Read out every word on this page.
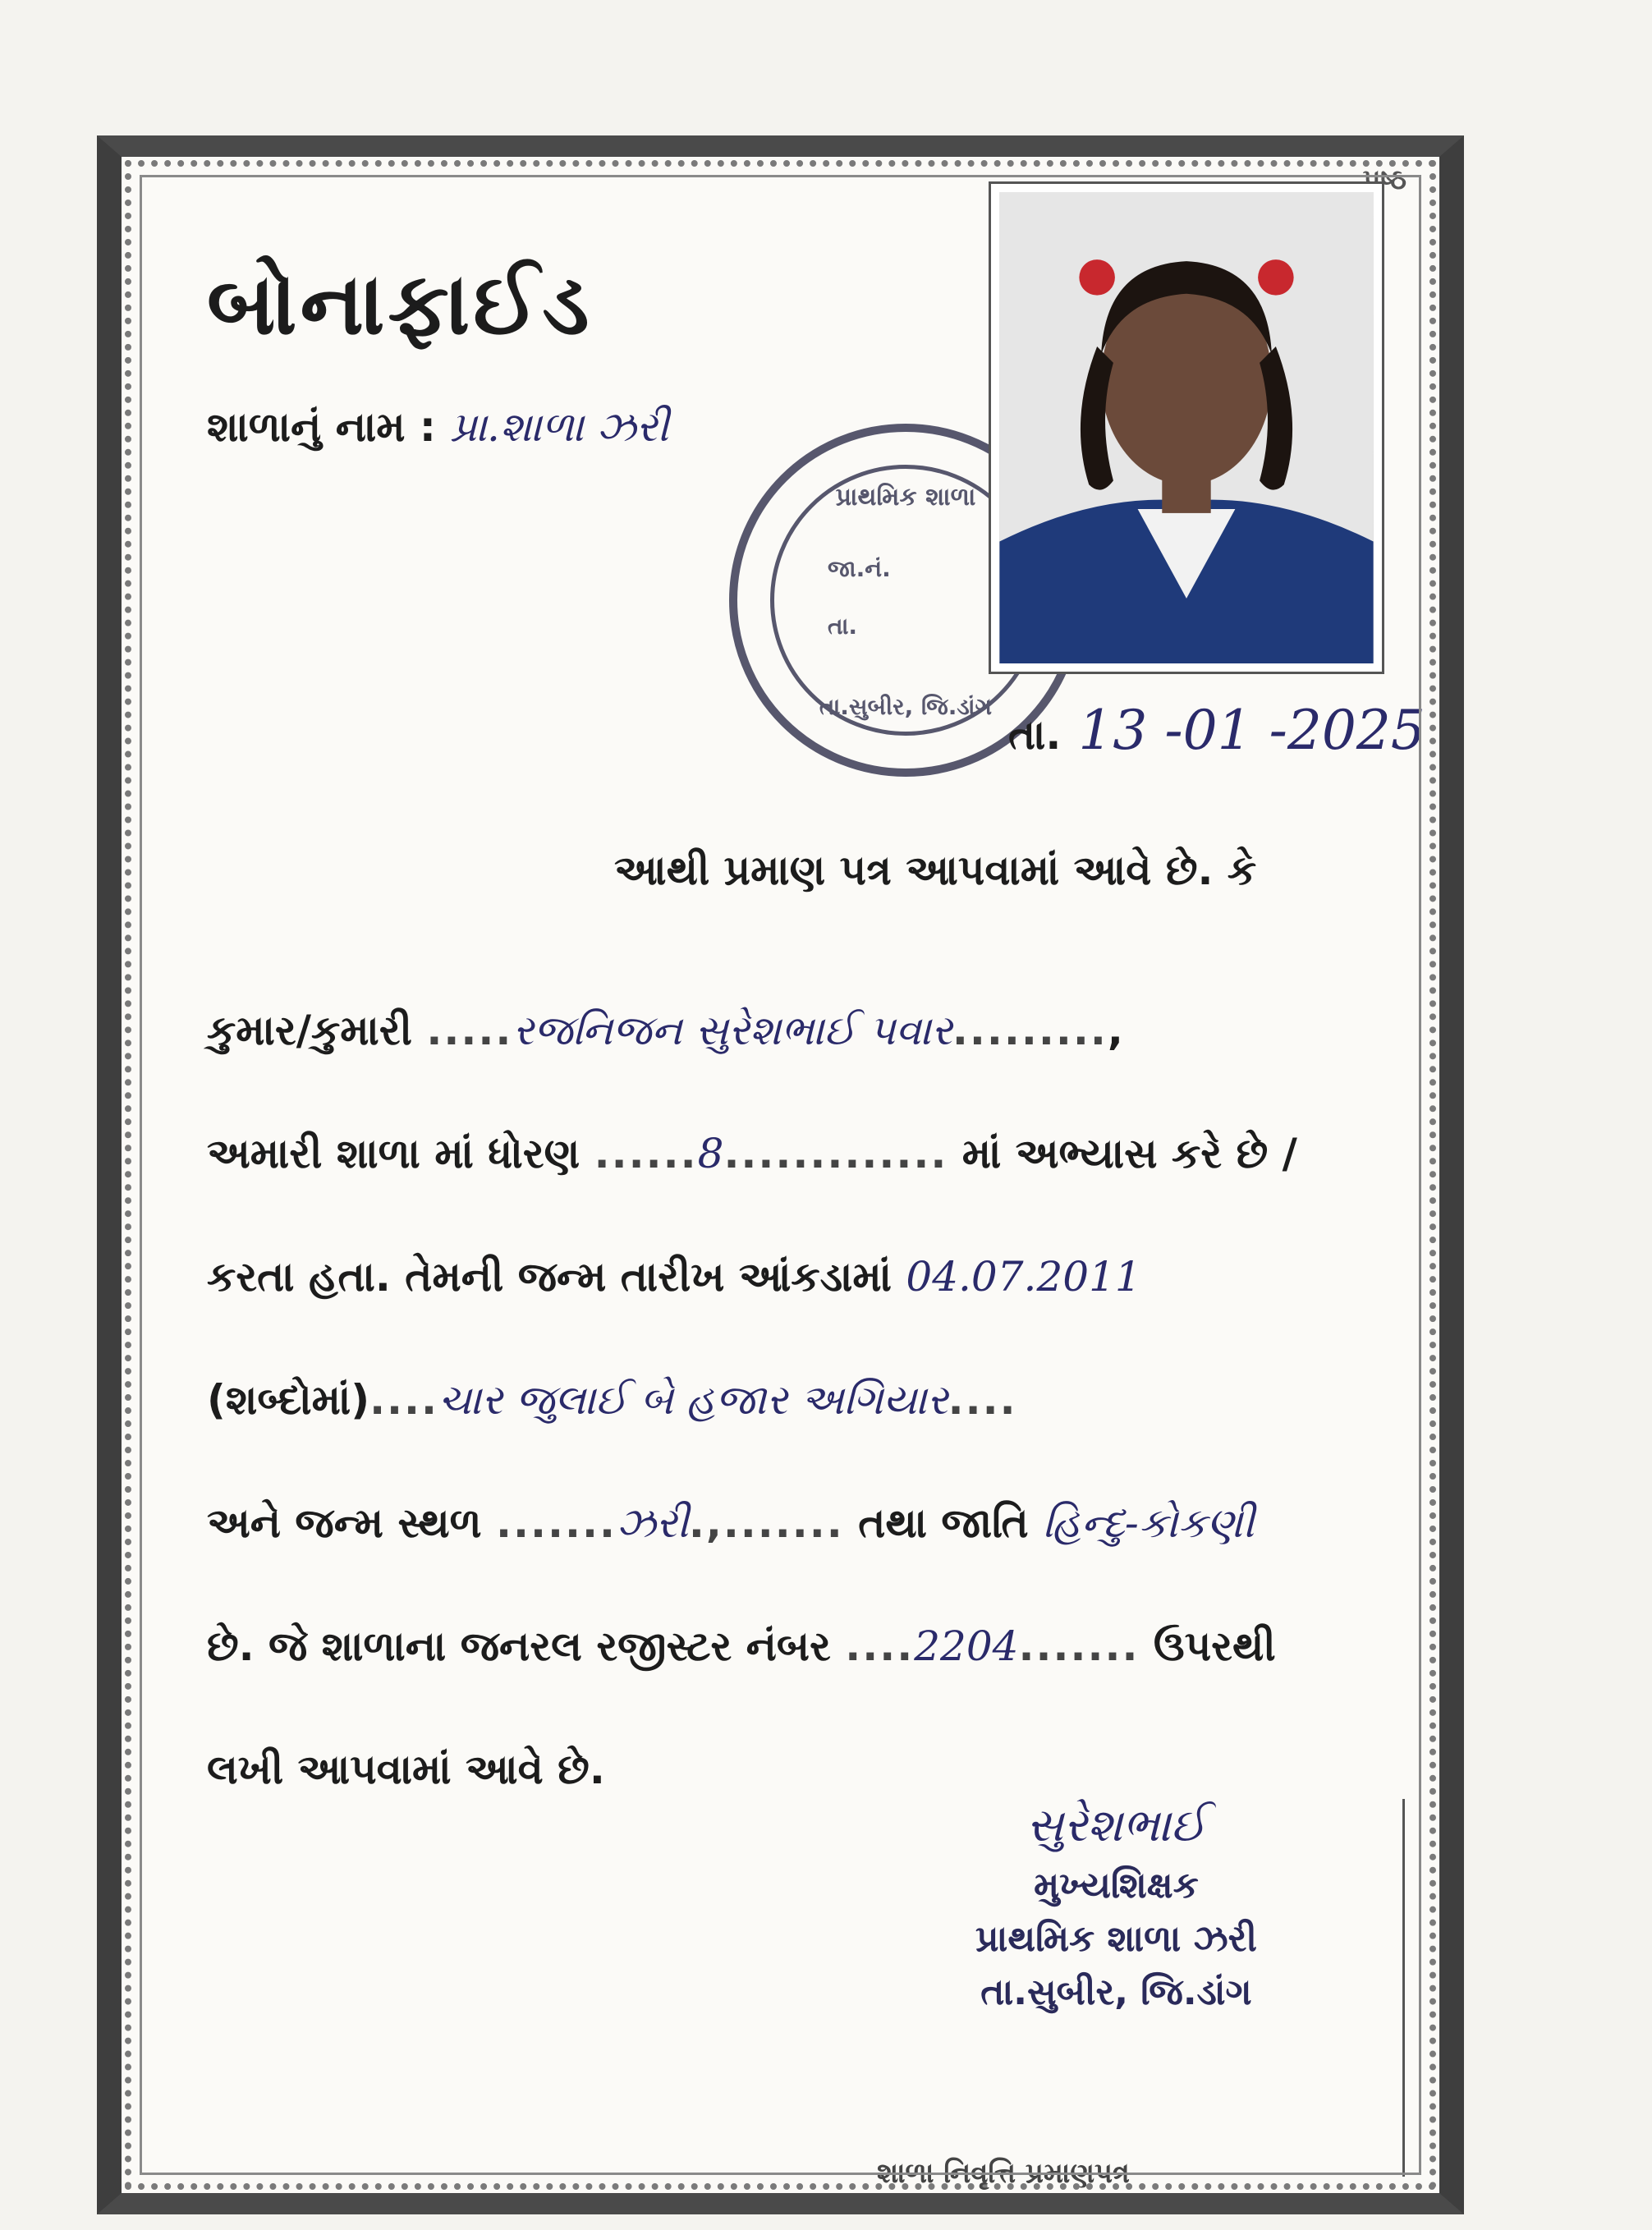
પૃષ્ઠ
બોનાફાઈડ
શાળાનું નામ : પ્રા.શાળા ઝરી
પ્રાથમિક શાળા
જા.નં.
તા.
તા.સુબીર, જિ.ડાંગ
તા. 13 -01 -2025
આથી પ્રમાણ પત્ર આપવામાં આવે છે. કે
કુમાર/કુમારી .....રજનિજન સુરેશભાઈ પવાર.........,
અમારી શાળા માં ધોરણ ......8............. માં અભ્યાસ કરે છે /
કરતા હતા. તેમની જન્મ તારીખ આંકડામાં 04.07.2011
(શબ્દોમાં)....ચાર જુલાઈ બે હજાર અગિયાર....
અને જન્મ સ્થળ .......ઝરી.,....... તથા જાતિ હિન્દુ-કોકણી
છે. જે શાળાના જનરલ રજીસ્ટર નંબર ....2204....... ઉપરથી
લખી આપવામાં આવે છે.
સુરેશભાઈ
મુખ્યશિક્ષક
પ્રાથમિક શાળા ઝરી
તા.સુબીર, જિ.ડાંગ
શાળા નિવૃત્તિ પ્રમાણપત્ર
